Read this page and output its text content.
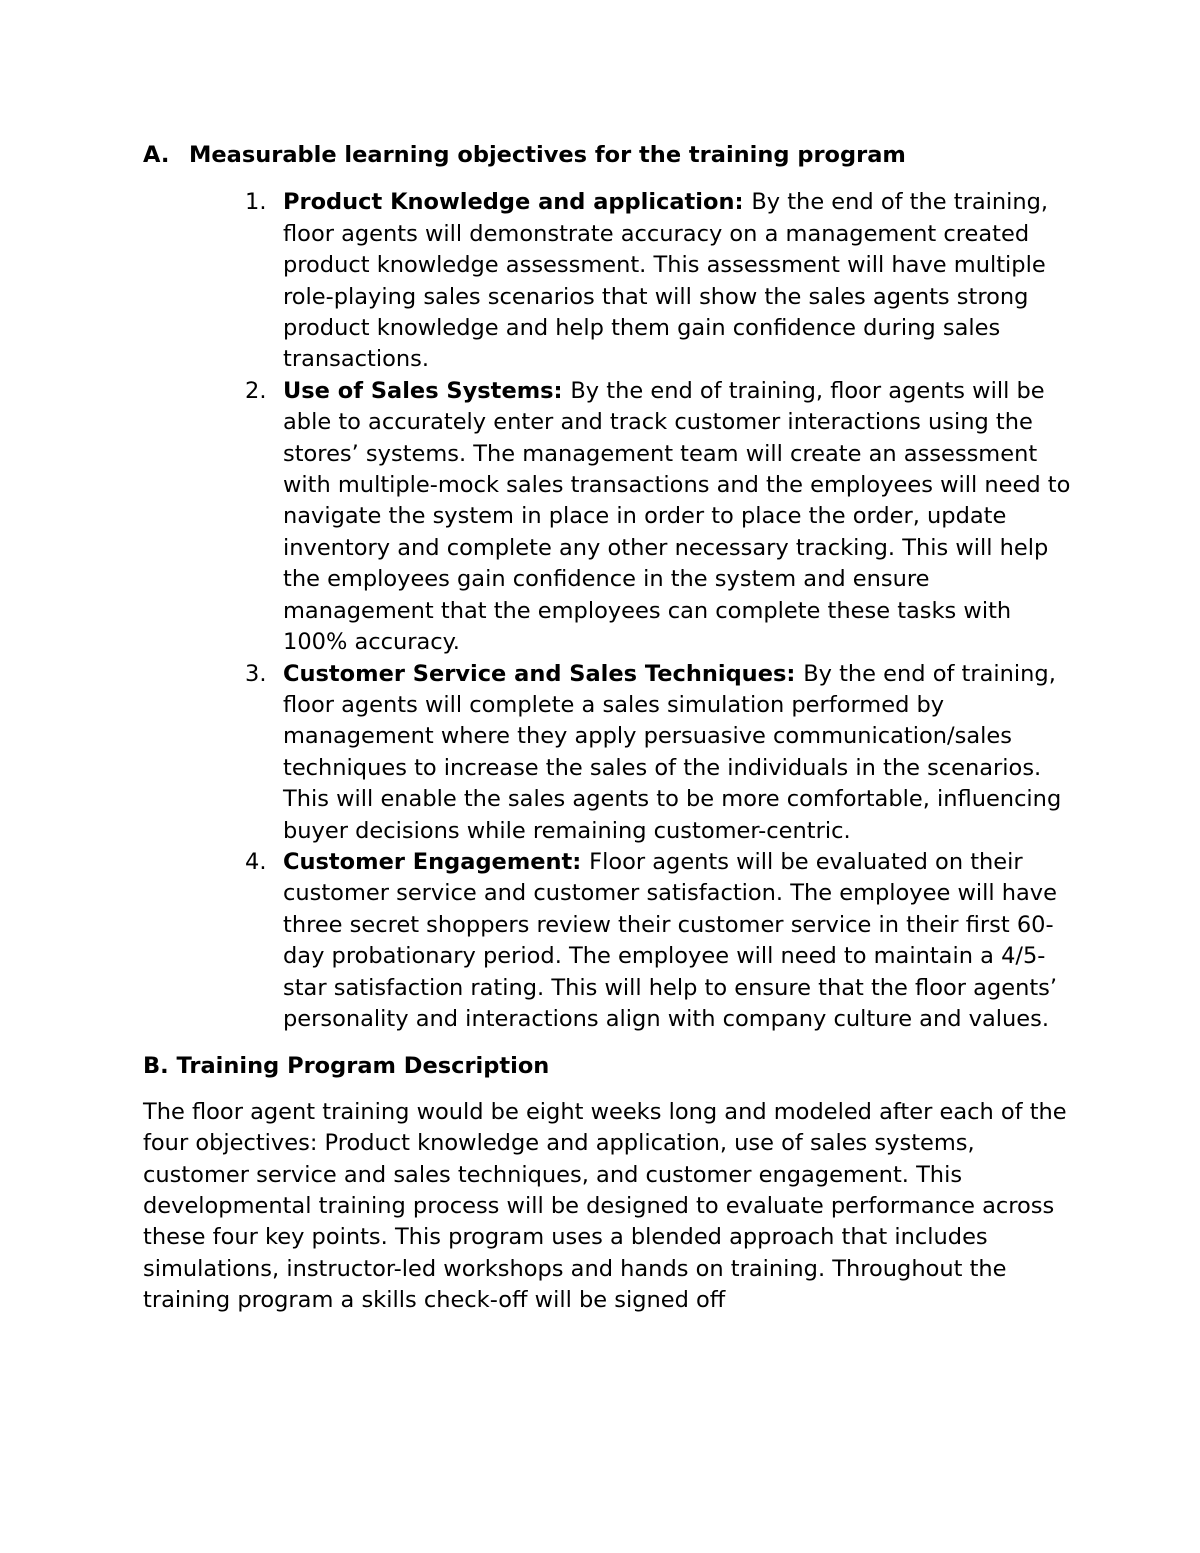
A. Measurable learning objectives for the training program
1. Product Knowledge and application: By the end of the training, floor agents will demonstrate accuracy on a management created product knowledge assessment. This assessment will have multiple role-playing sales scenarios that will show the sales agents strong product knowledge and help them gain confidence during sales transactions.
2. Use of Sales Systems: By the end of training, floor agents will be able to accurately enter and track customer interactions using the stores’ systems. The management team will create an assessment with multiple-mock sales transactions and the employees will need to navigate the system in place in order to place the order, update inventory and complete any other necessary tracking. This will help the employees gain confidence in the system and ensure management that the employees can complete these tasks with 100% accuracy.
3. Customer Service and Sales Techniques: By the end of training, floor agents will complete a sales simulation performed by management where they apply persuasive communication/sales techniques to increase the sales of the individuals in the scenarios. This will enable the sales agents to be more comfortable, influencing buyer decisions while remaining customer-centric.
4. Customer Engagement: Floor agents will be evaluated on their customer service and customer satisfaction. The employee will have three secret shoppers review their customer service in their first 60-day probationary period. The employee will need to maintain a 4/5-star satisfaction rating. This will help to ensure that the floor agents’ personality and interactions align with company culture and values.
B. Training Program Description

The floor agent training would be eight weeks long and modeled after each of the four objectives: Product knowledge and application, use of sales systems, customer service and sales techniques, and customer engagement. This developmental training process will be designed to evaluate performance across these four key points. This program uses a blended approach that includes simulations, instructor-led workshops and hands on training. Throughout the training program a skills check-off will be signed off
